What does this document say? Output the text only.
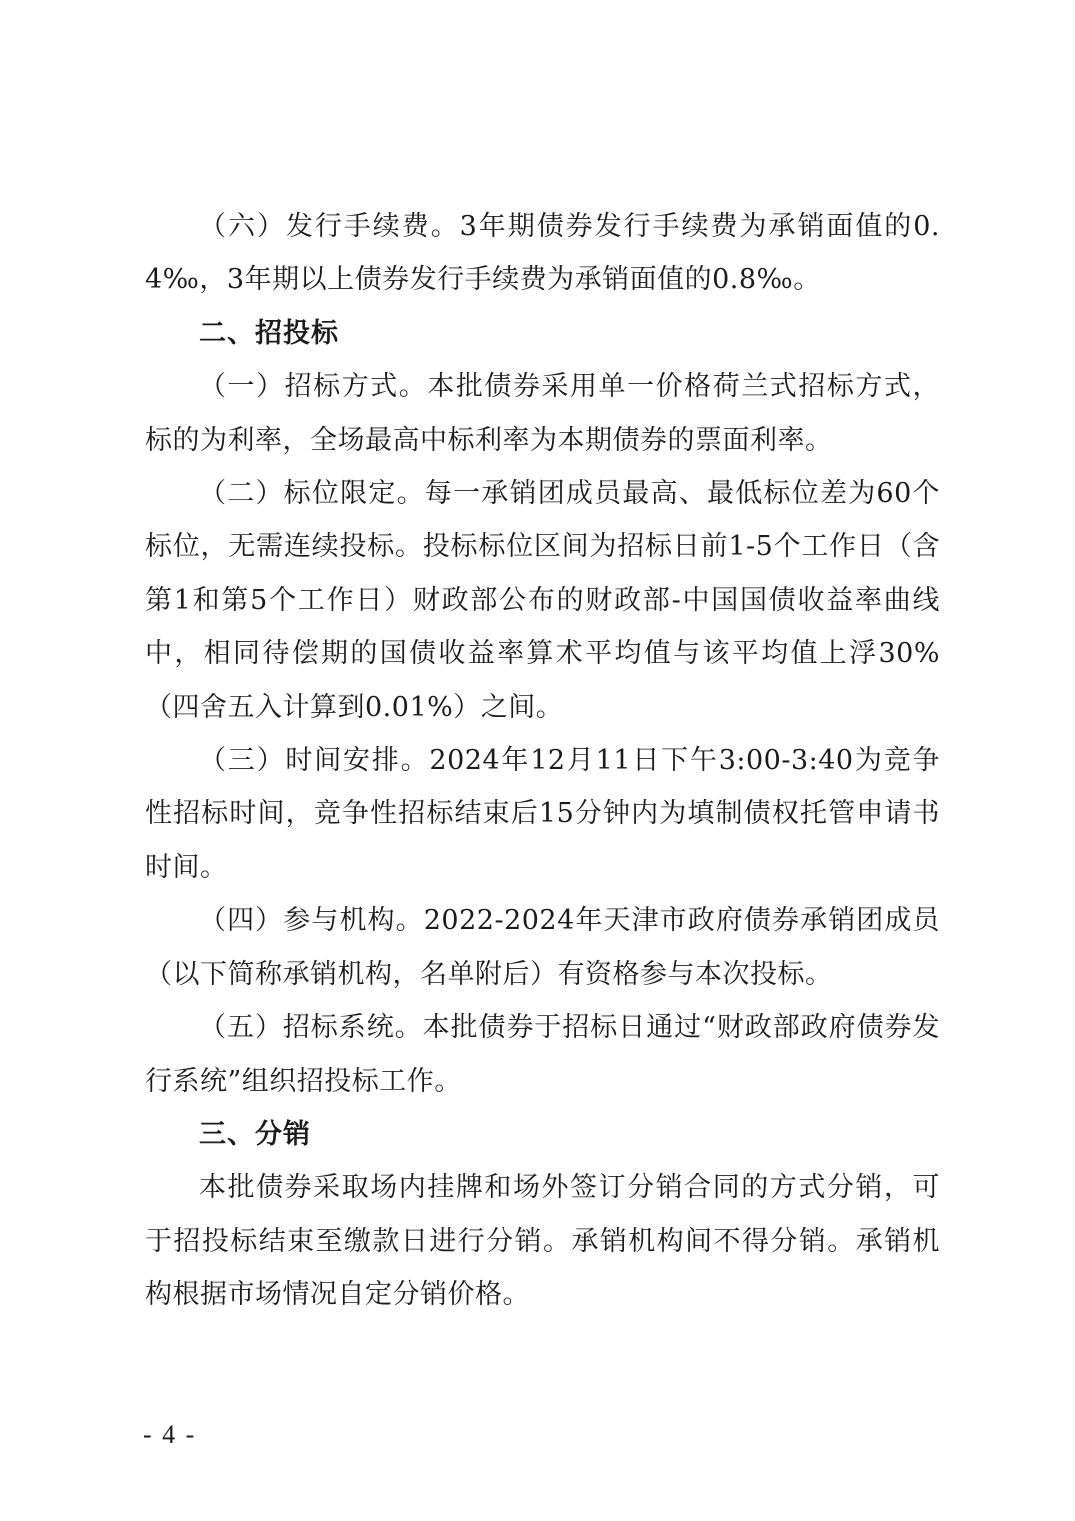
（六）发行手续费。3年期债券发行手续费为承销面值的0.4‰，3年期以上债券发行手续费为承销面值的0.8‰。

二、招投标

（一）招标方式。本批债券采用单一价格荷兰式招标方式，标的为利率，全场最高中标利率为本期债券的票面利率。

（二）标位限定。每一承销团成员最高、最低标位差为60个标位，无需连续投标。投标标位区间为招标日前1-5个工作日（含第1和第5个工作日）财政部公布的财政部-中国国债收益率曲线中，相同待偿期的国债收益率算术平均值与该平均值上浮30%（四舍五入计算到0.01%）之间。

（三）时间安排。2024年12月11日下午3:00-3:40为竞争性招标时间，竞争性招标结束后15分钟内为填制债权托管申请书时间。

（四）参与机构。2022-2024年天津市政府债券承销团成员（以下简称承销机构，名单附后）有资格参与本次投标。

（五）招标系统。本批债券于招标日通过“财政部政府债券发行系统”组织招投标工作。

三、分销

本批债券采取场内挂牌和场外签订分销合同的方式分销，可于招投标结束至缴款日进行分销。承销机构间不得分销。承销机构根据市场情况自定分销价格。

- 4 -
